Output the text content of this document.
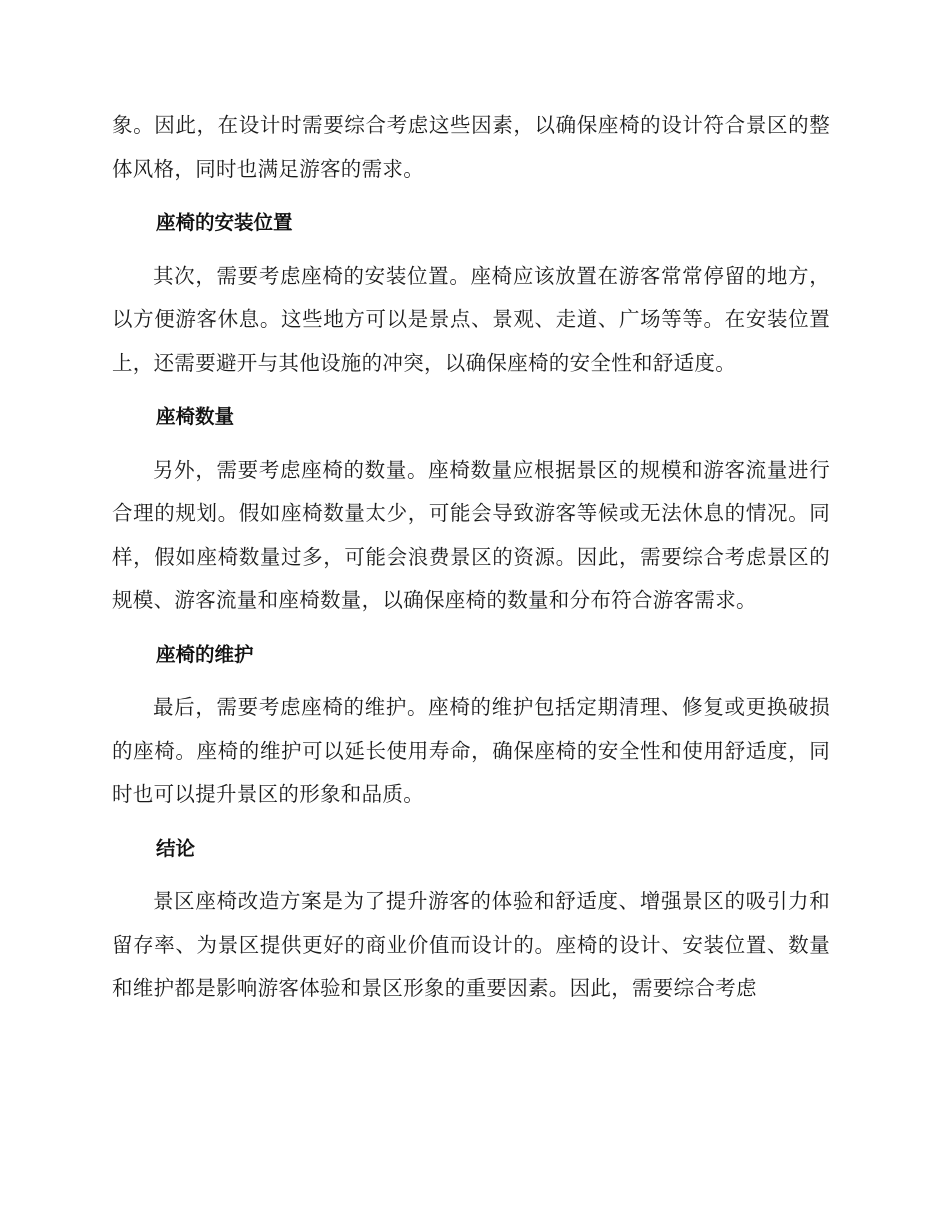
象。因此，在设计时需要综合考虑这些因素，以确保座椅的设计符合景区的整体风格，同时也满足游客的需求。

座椅的安装位置

其次，需要考虑座椅的安装位置。座椅应该放置在游客常常停留的地方，以方便游客休息。这些地方可以是景点、景观、走道、广场等等。在安装位置上，还需要避开与其他设施的冲突，以确保座椅的安全性和舒适度。

座椅数量

另外，需要考虑座椅的数量。座椅数量应根据景区的规模和游客流量进行合理的规划。假如座椅数量太少，可能会导致游客等候或无法休息的情况。同样，假如座椅数量过多，可能会浪费景区的资源。因此，需要综合考虑景区的规模、游客流量和座椅数量，以确保座椅的数量和分布符合游客需求。

座椅的维护

最后，需要考虑座椅的维护。座椅的维护包括定期清理、修复或更换破损的座椅。座椅的维护可以延长使用寿命，确保座椅的安全性和使用舒适度，同时也可以提升景区的形象和品质。

结论

景区座椅改造方案是为了提升游客的体验和舒适度、增强景区的吸引力和留存率、为景区提供更好的商业价值而设计的。座椅的设计、安装位置、数量和维护都是影响游客体验和景区形象的重要因素。因此，需要综合考虑
